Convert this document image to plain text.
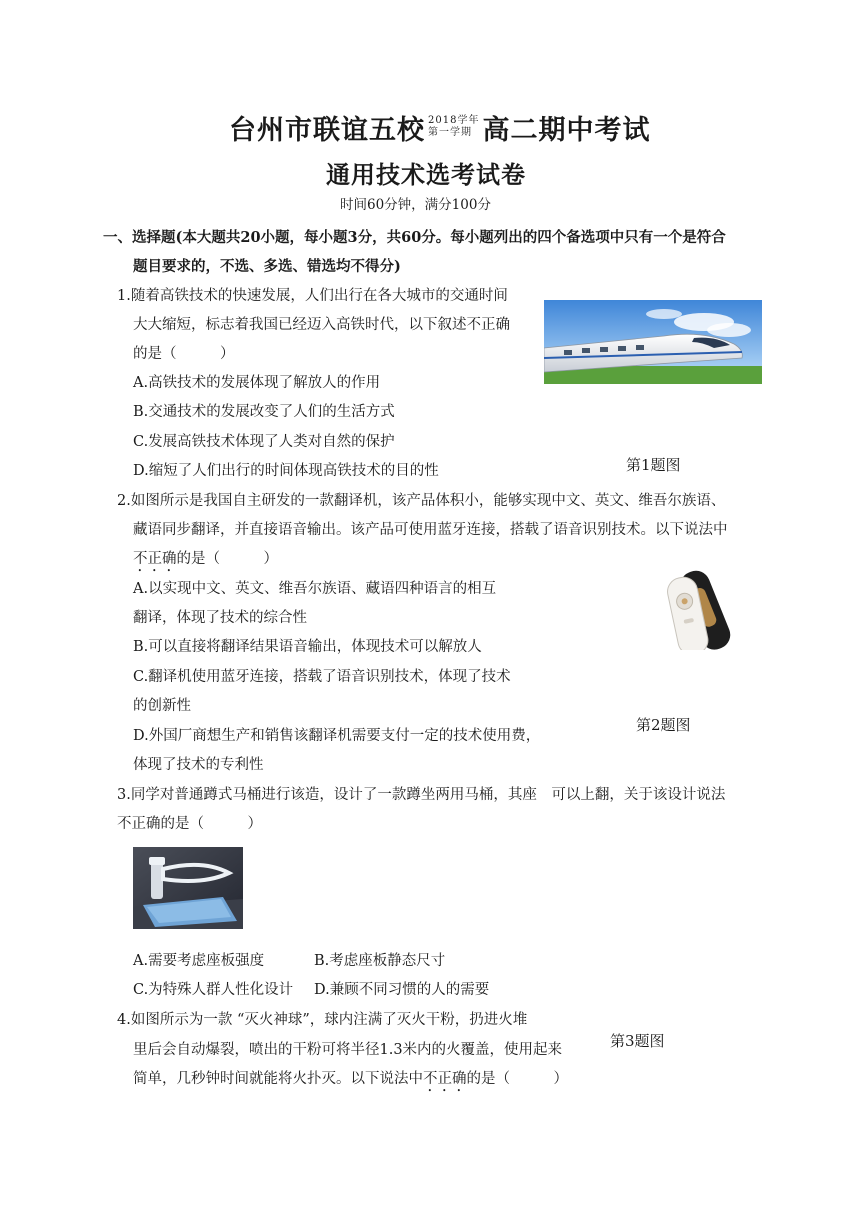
台州市联谊五校 2018学年
第一学期 高二期中考试
通用技术选考试卷
时间60分钟，满分100分
一、选择题(本大题共20小题，每小题3分，共60分。每小题列出的四个备选项中只有一个是符合
题目要求的，不选、多选、错选均不得分)
1.随着高铁技术的快速发展，人们出行在各大城市的交通时间
大大缩短，标志着我国已经迈入高铁时代，以下叙述不正确
的是（　　　）
A.高铁技术的发展体现了解放人的作用
B.交通技术的发展改变了人们的生活方式
C.发展高铁技术体现了人类对自然的保护
D.缩短了人们出行的时间体现高铁技术的目的性	第1题图
2.如图所示是我国自主研发的一款翻译机，该产品体积小，能够实现中文、英文、维吾尔族语、
藏语同步翻译，并直接语音输出。该产品可使用蓝牙连接，搭载了语音识别技术。以下说法中
不正确的是（　　　）
A.以实现中文、英文、维吾尔族语、藏语四种语言的相互
翻译，体现了技术的综合性
B.可以直接将翻译结果语音输出，体现技术可以解放人
C.翻译机使用蓝牙连接，搭载了语音识别技术，体现了技术
的创新性
D.外国厂商想生产和销售该翻译机需要支付一定的技术使用费，
体现了技术的专利性
第2题图
3.同学对普通蹲式马桶进行该造，设计了一款蹲坐两用马桶，其座　可以上翻，关于该设计说法
不正确的是（　　　）
A.需要考虑座板强度	B.考虑座板静态尺寸
C.为特殊人群人性化设计 D.兼顾不同习惯的人的需要
第3题图
4.如图所示为一款 “灭火神球”，球内注满了灭火干粉，扔进火堆
里后会自动爆裂，喷出的干粉可将半径1.3米内的火覆盖，使用起来
简单，几秒钟时间就能将火扑灭。以下说法中不正确的是（　　　）
